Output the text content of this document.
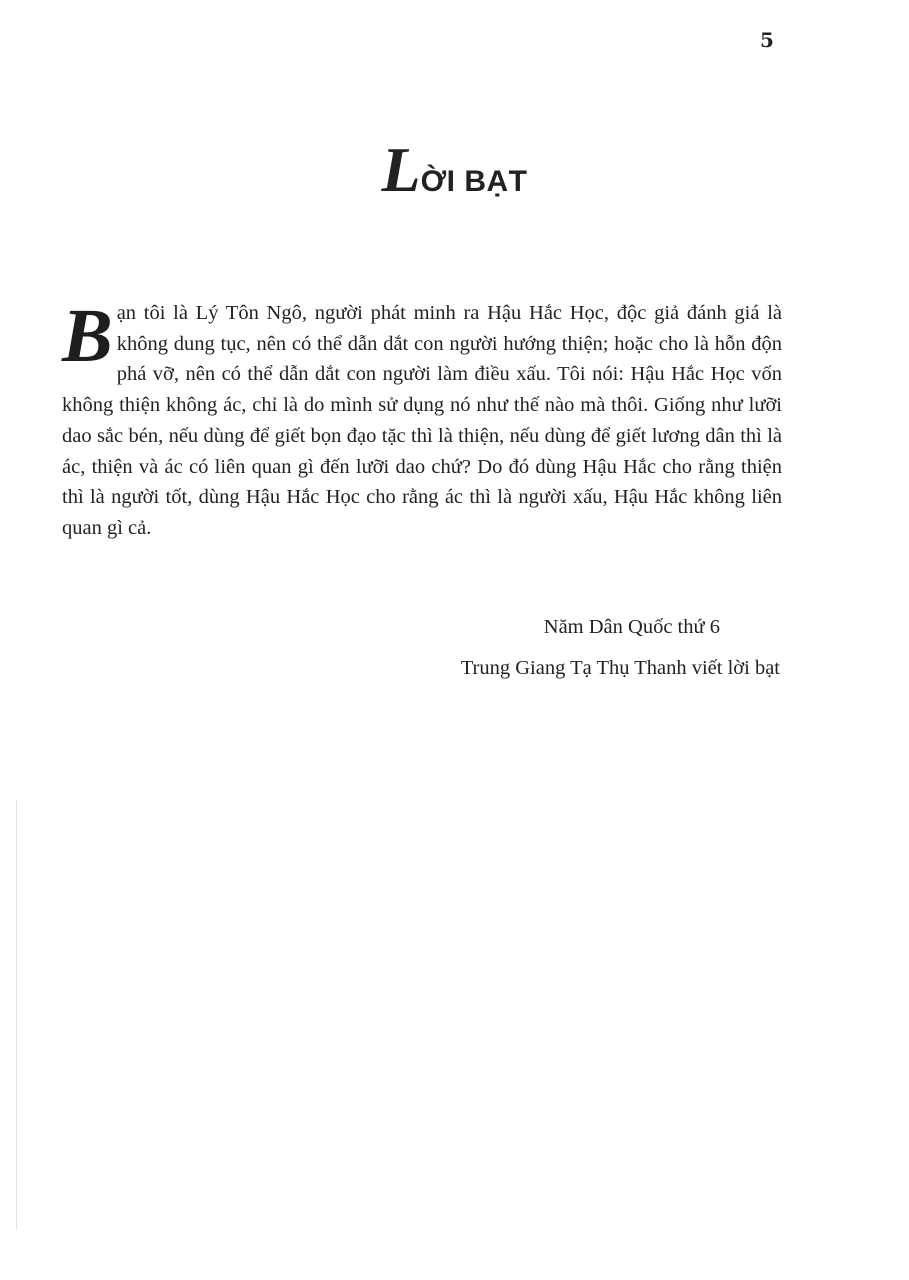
5
LỜI BẠT
Bạn tôi là Lý Tôn Ngô, người phát minh ra Hậu Hắc Học, độc giả đánh giá là không dung tục, nên có thể dẫn dắt con người hướng thiện; hoặc cho là hỗn độn phá vỡ, nên có thể dẫn dắt con người làm điều xấu. Tôi nói: Hậu Hắc Học vốn không thiện không ác, chỉ là do mình sử dụng nó như thế nào mà thôi. Giống như lưỡi dao sắc bén, nếu dùng để giết bọn đạo tặc thì là thiện, nếu dùng để giết lương dân thì là ác, thiện và ác có liên quan gì đến lưỡi dao chứ? Do đó dùng Hậu Hắc cho rằng thiện thì là người tốt, dùng Hậu Hắc Học cho rằng ác thì là người xấu, Hậu Hắc không liên quan gì cả.
Năm Dân Quốc thứ 6
Trung Giang Tạ Thụ Thanh viết lời bạt
